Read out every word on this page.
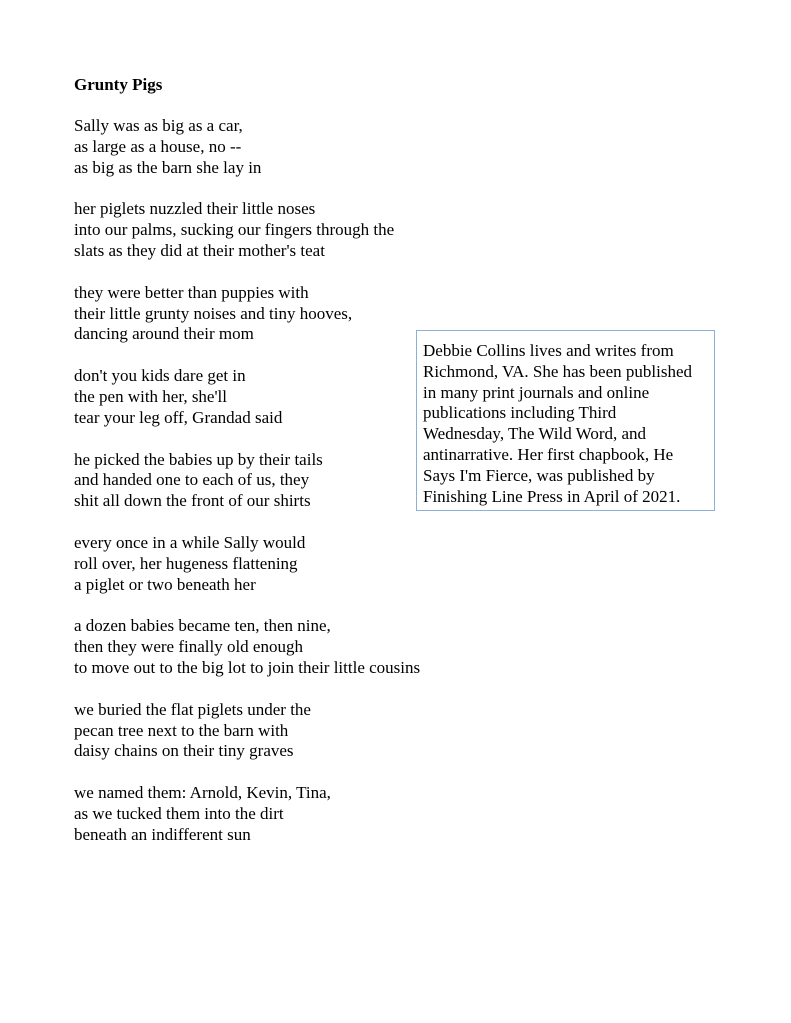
Grunty Pigs
Sally was as big as a car,
as large as a house, no --
as big as the barn she lay in
her piglets nuzzled their little noses
into our palms, sucking our fingers through the
slats as they did at their mother's teat
they were better than puppies with
their little grunty noises and tiny hooves,
dancing around their mom
don't you kids dare get in
the pen with her, she'll
tear your leg off, Grandad said
he picked the babies up by their tails
and handed one to each of us, they
shit all down the front of our shirts
every once in a while Sally would
roll over, her hugeness flattening
a piglet or two beneath her
a dozen babies became ten, then nine,
then they were finally old enough
to move out to the big lot to join their little cousins
we buried the flat piglets under the
pecan tree next to the barn with
daisy chains on their tiny graves
we named them: Arnold, Kevin, Tina,
as we tucked them into the dirt
beneath an indifferent sun
Debbie Collins lives and writes from
Richmond, VA. She has been published
in many print journals and online
publications including Third
Wednesday, The Wild Word, and
antinarrative. Her first chapbook, He
Says I'm Fierce, was published by
Finishing Line Press in April of 2021.
